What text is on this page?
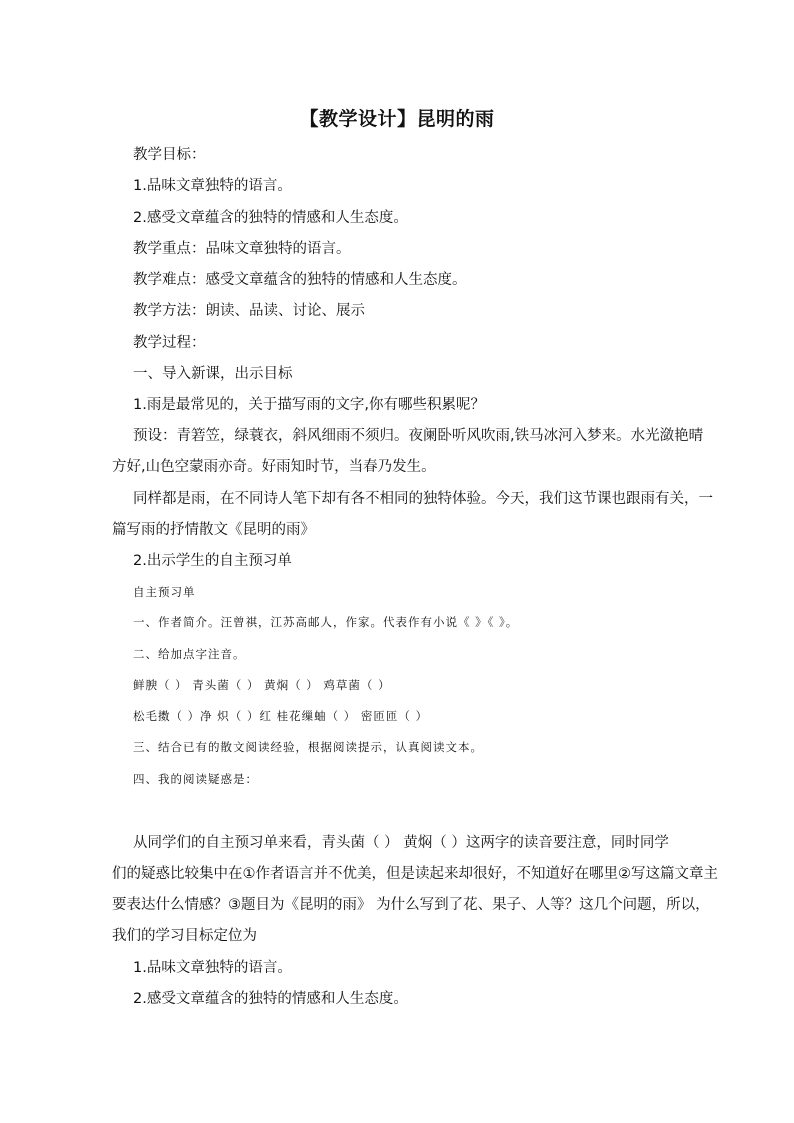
【教学设计】昆明的雨
教学目标：
1.品味文章独特的语言。
2.感受文章蕴含的独特的情感和人生态度。
教学重点：品味文章独特的语言。
教学难点：感受文章蕴含的独特的情感和人生态度。
教学方法：朗读、品读、讨论、展示
教学过程：
一、导入新课，出示目标
1.雨是最常见的，关于描写雨的文字,你有哪些积累呢？
预设：青箬笠，绿蓑衣，斜风细雨不须归。夜阑卧听风吹雨,铁马冰河入梦来。水光潋艳晴
方好,山色空蒙雨亦奇。好雨知时节，当春乃发生。
同样都是雨，在不同诗人笔下却有各不相同的独特体验。今天，我们这节课也跟雨有关，一
篇写雨的抒情散文《昆明的雨》
2.出示学生的自主预习单
自主预习单
一、作者简介。汪曾祺，江苏高邮人，作家。代表作有小说《 》《 》。
二、给加点字注音。
鲜腴（ ） 青头菌（ ） 黄焖（ ） 鸡草菌（ ）
松毛擞（ ）净 炽（ ）红 桂花缫蚰（ ） 密匝匝（ ）
三、结合已有的散文阅读经验，根据阅读提示，认真阅读文本。
四、我的阅读疑惑是：
从同学们的自主预习单来看，青头菌（ ） 黄焖（ ）这两字的读音要注意，同时同学
们的疑惑比较集中在①作者语言并不优美，但是读起来却很好，不知道好在哪里②写这篇文章主
要表达什么情感？③题目为《昆明的雨》 为什么写到了花、果子、人等？这几个问题，所以，
我们的学习目标定位为
1.品味文章独特的语言。
2.感受文章蕴含的独特的情感和人生态度。
